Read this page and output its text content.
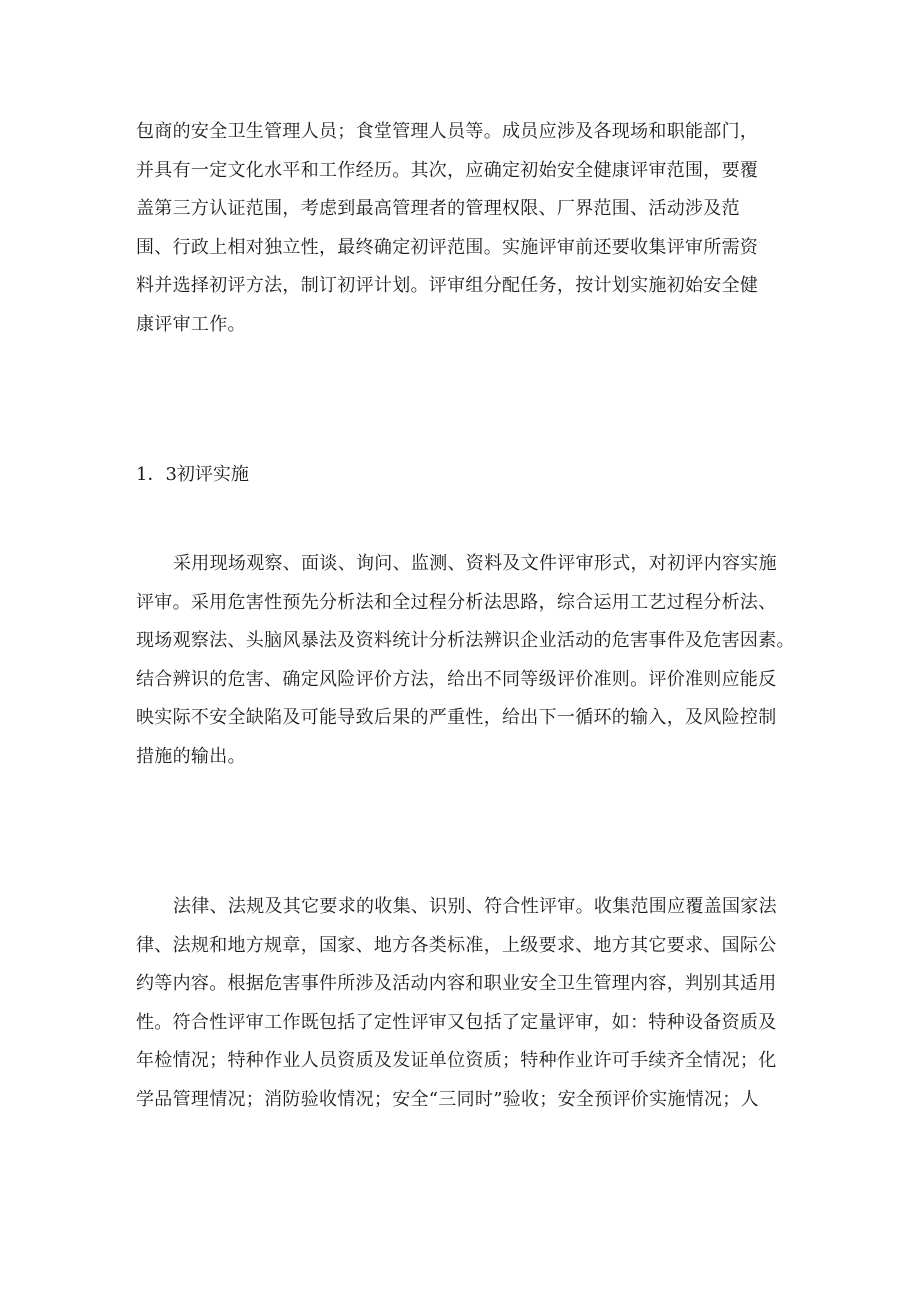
包商的安全卫生管理人员；食堂管理人员等。成员应涉及各现场和职能部门，
并具有一定文化水平和工作经历。其次，应确定初始安全健康评审范围，要覆
盖第三方认证范围，考虑到最高管理者的管理权限、厂界范围、活动涉及范
围、行政上相对独立性，最终确定初评范围。实施评审前还要收集评审所需资
料并选择初评方法，制订初评计划。评审组分配任务，按计划实施初始安全健
康评审工作。
1．3初评实施
采用现场观察、面谈、询问、监测、资料及文件评审形式，对初评内容实施
评审。采用危害性预先分析法和全过程分析法思路，综合运用工艺过程分析法、
现场观察法、头脑风暴法及资料统计分析法辨识企业活动的危害事件及危害因素。
结合辨识的危害、确定风险评价方法，给出不同等级评价准则。评价准则应能反
映实际不安全缺陷及可能导致后果的严重性，给出下一循环的输入，及风险控制
措施的输出。
法律、法规及其它要求的收集、识别、符合性评审。收集范围应覆盖国家法
律、法规和地方规章，国家、地方各类标准，上级要求、地方其它要求、国际公
约等内容。根据危害事件所涉及活动内容和职业安全卫生管理内容，判别其适用
性。符合性评审工作既包括了定性评审又包括了定量评审，如：特种设备资质及
年检情况；特种作业人员资质及发证单位资质；特种作业许可手续齐全情况；化
学品管理情况；消防验收情况；安全“三同时”验收；安全预评价实施情况；人
